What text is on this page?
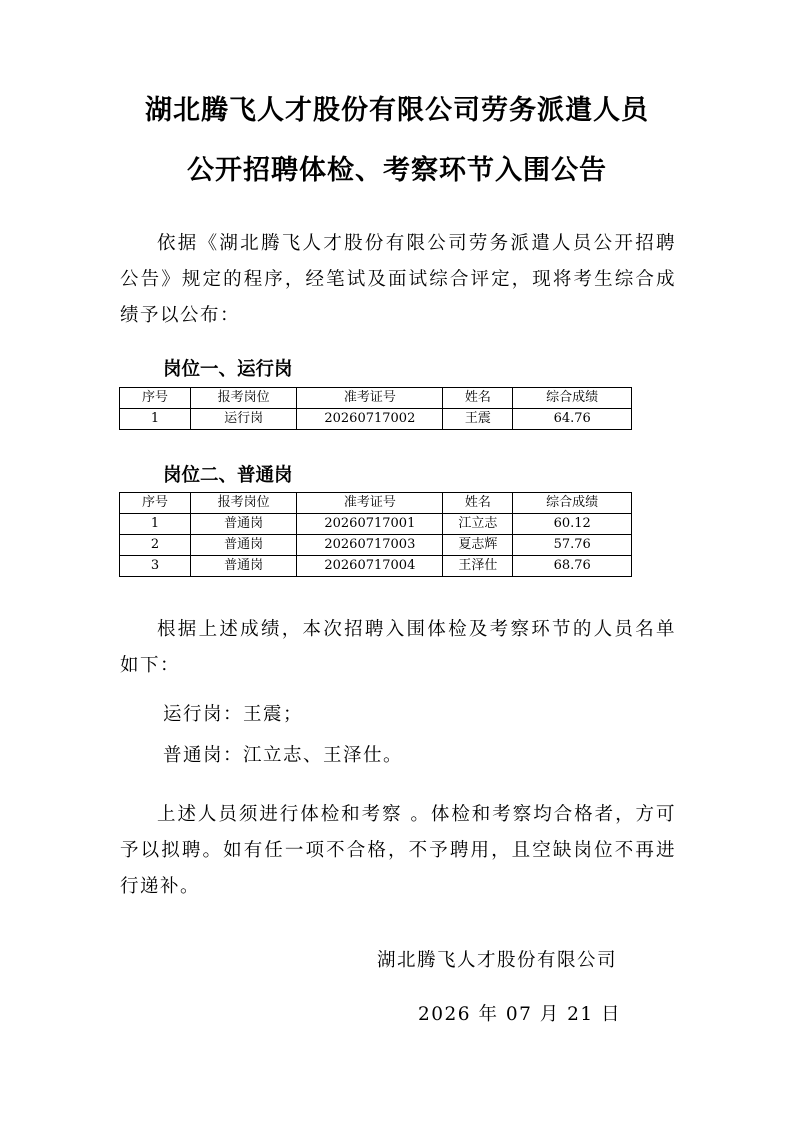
湖北腾飞人才股份有限公司劳务派遣人员
公开招聘体检、考察环节入围公告
依据《湖北腾飞人才股份有限公司劳务派遣人员公开招聘公告》规定的程序，经笔试及面试综合评定，现将考生综合成绩予以公布：
岗位一、运行岗
序号	报考岗位	准考证号	姓名	综合成绩
1	运行岗	20260717002	王震	64.76
岗位二、普通岗
序号	报考岗位	准考证号	姓名	综合成绩
1	普通岗	20260717001	江立志	60.12
2	普通岗	20260717003	夏志辉	57.76
3	普通岗	20260717004	王泽仕	68.76
根据上述成绩，本次招聘入围体检及考察环节的人员名单如下：
运行岗：王震；
普通岗：江立志、王泽仕。
上述人员须进行体检和考察 。体检和考察均合格者，方可予以拟聘。如有任一项不合格，不予聘用，且空缺岗位不再进行递补。
湖北腾飞人才股份有限公司
2026 年 07 月 21 日
